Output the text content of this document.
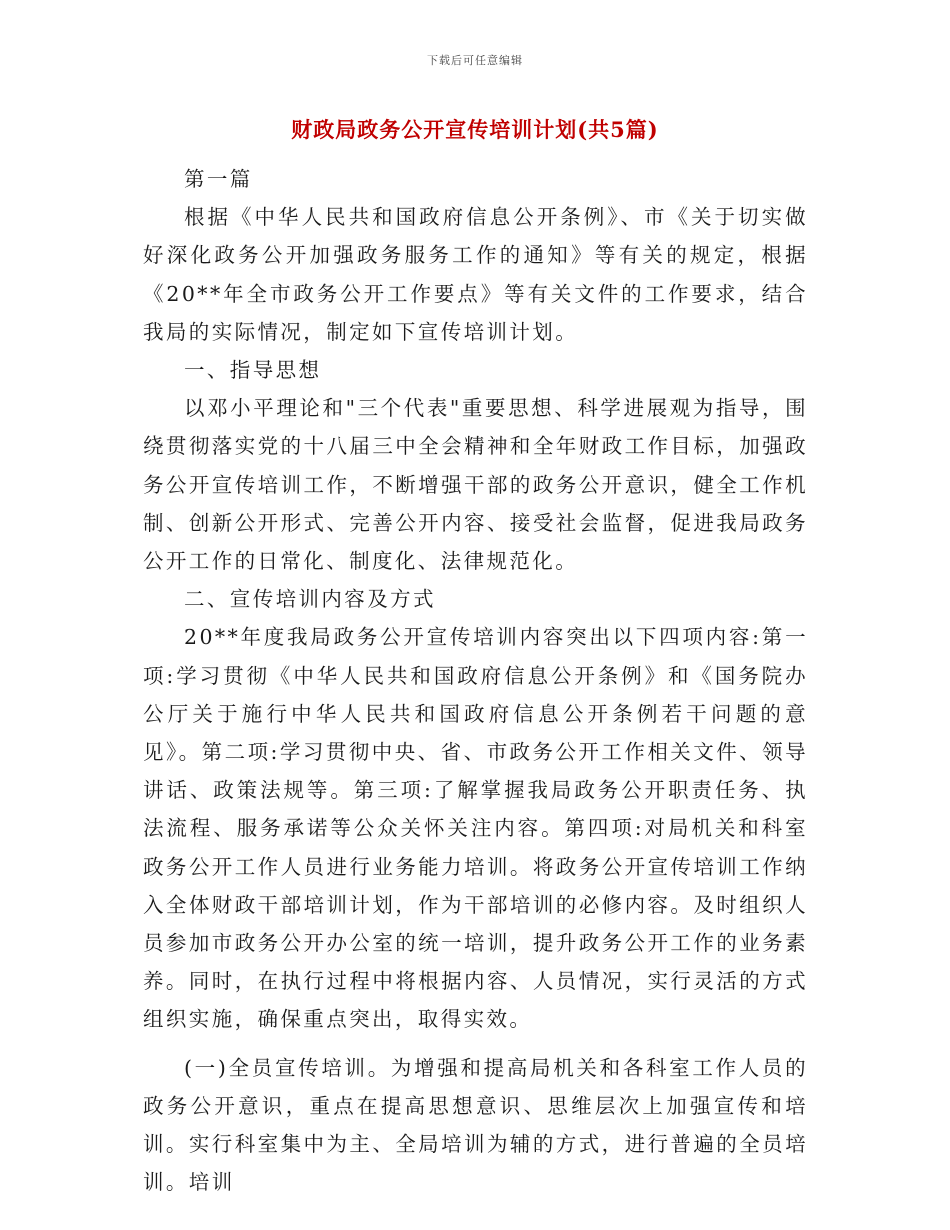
下载后可任意编辑
财政局政务公开宣传培训计划(共5篇)

第一篇

根据《中华人民共和国政府信息公开条例》、市《关于切实做好深化政务公开加强政务服务工作的通知》等有关的规定，根据《20**年全市政务公开工作要点》等有关文件的工作要求，结合我局的实际情况，制定如下宣传培训计划。

一、指导思想

以邓小平理论和"三个代表"重要思想、科学进展观为指导，围绕贯彻落实党的十八届三中全会精神和全年财政工作目标，加强政务公开宣传培训工作，不断增强干部的政务公开意识，健全工作机制、创新公开形式、完善公开内容、接受社会监督，促进我局政务公开工作的日常化、制度化、法律规范化。

二、宣传培训内容及方式

20**年度我局政务公开宣传培训内容突出以下四项内容:第一项:学习贯彻《中华人民共和国政府信息公开条例》和《国务院办公厅关于施行中华人民共和国政府信息公开条例若干问题的意见》。第二项:学习贯彻中央、省、市政务公开工作相关文件、领导讲话、政策法规等。第三项:了解掌握我局政务公开职责任务、执法流程、服务承诺等公众关怀关注内容。第四项:对局机关和科室政务公开工作人员进行业务能力培训。将政务公开宣传培训工作纳入全体财政干部培训计划，作为干部培训的必修内容。及时组织人员参加市政务公开办公室的统一培训，提升政务公开工作的业务素养。同时，在执行过程中将根据内容、人员情况，实行灵活的方式组织实施，确保重点突出，取得实效。

(一)全员宣传培训。为增强和提高局机关和各科室工作人员的政务公开意识，重点在提高思想意识、思维层次上加强宣传和培训。实行科室集中为主、全局培训为辅的方式，进行普遍的全员培训。培训
